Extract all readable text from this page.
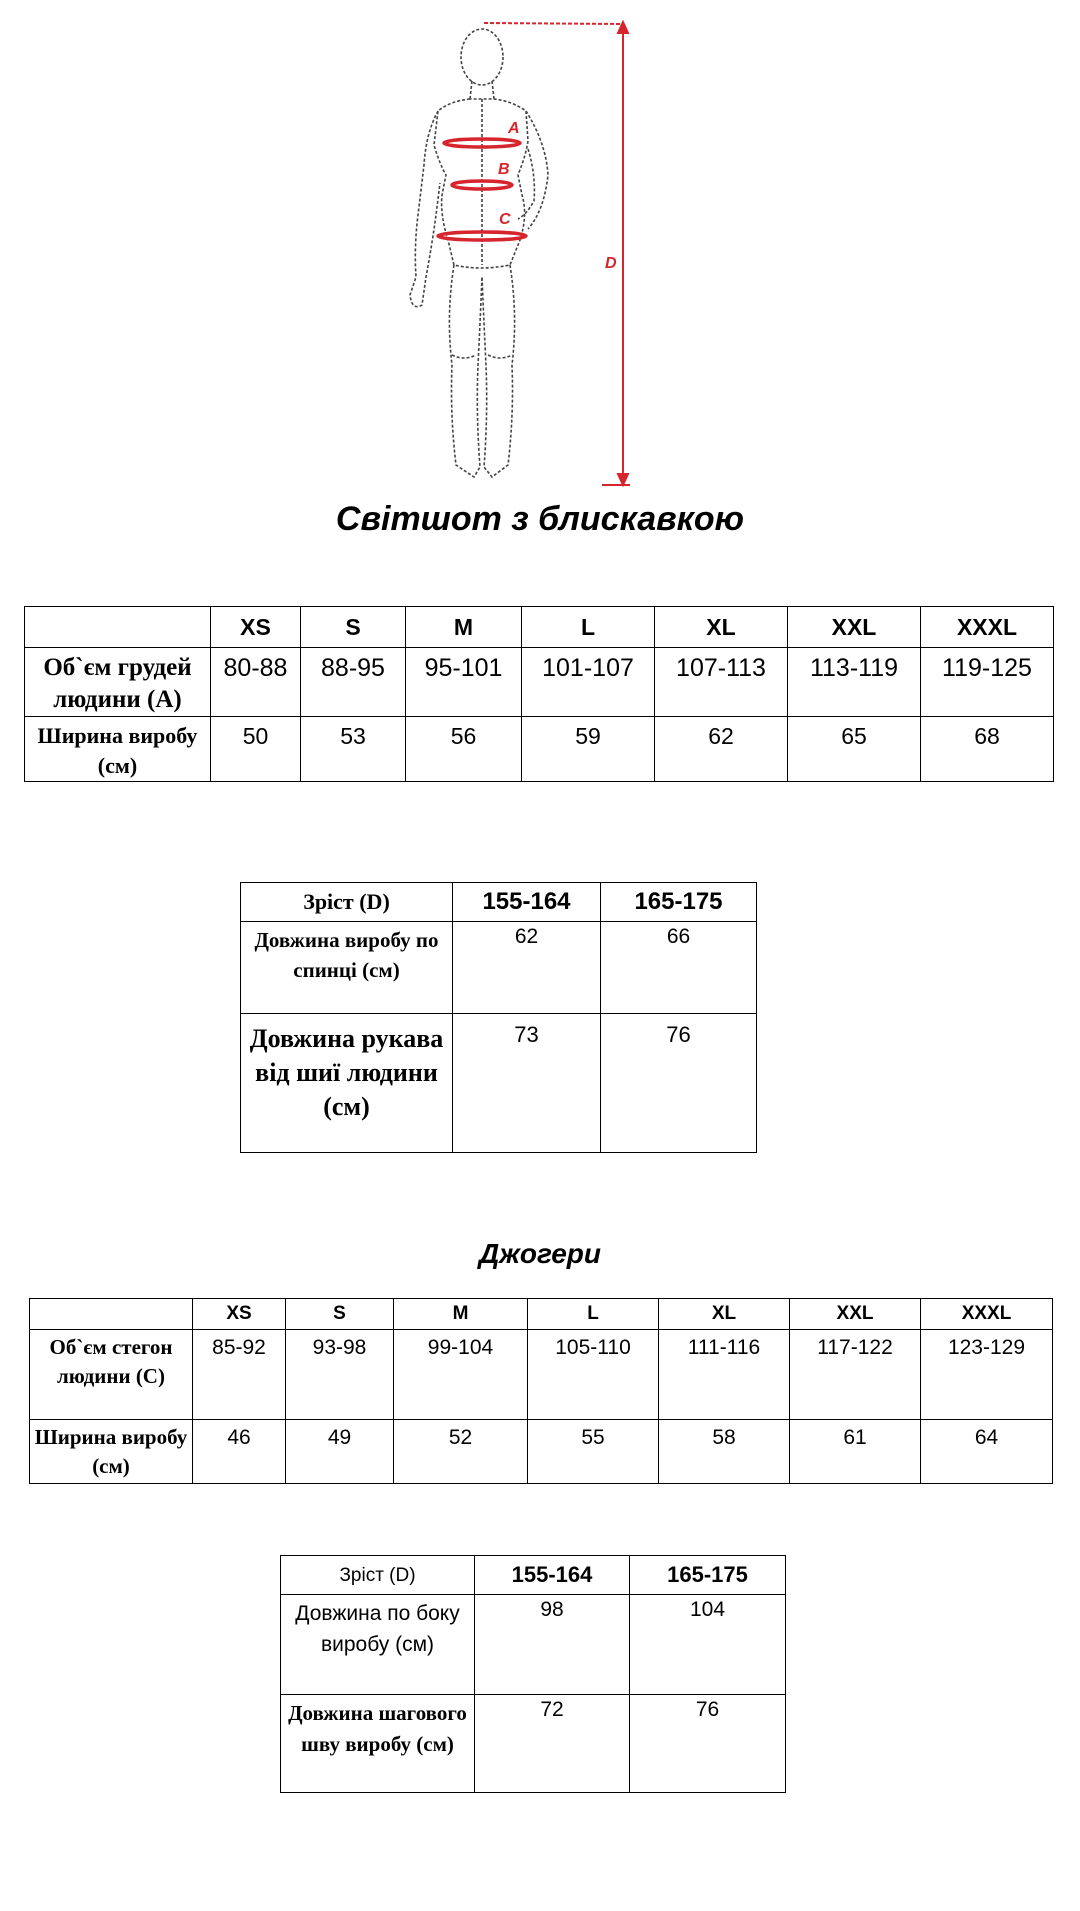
A
B
C
D
Світшот з блискавкою
	XS	S	M	L	XL	XXL	XXXL
Об`єм грудей людини (А)	80-88	88-95	95-101	101-107	107-113	113-119	119-125
Ширина виробу (см)	50	53	56	59	62	65	68
Зріст (D)	155-164	165-175
Довжина виробу по спинці (см)	62	66
Довжина рукава від шиї людини (см)	73	76
Джогери
	XS	S	M	L	XL	XXL	XXXL
Об`єм стегон людини (С)	85-92	93-98	99-104	105-110	111-116	117-122	123-129
Ширина виробу (см)	46	49	52	55	58	61	64
Зріст (D)	155-164	165-175
Довжина по боку виробу (см)	98	104
Довжина шагового шву виробу (см)	72	76
